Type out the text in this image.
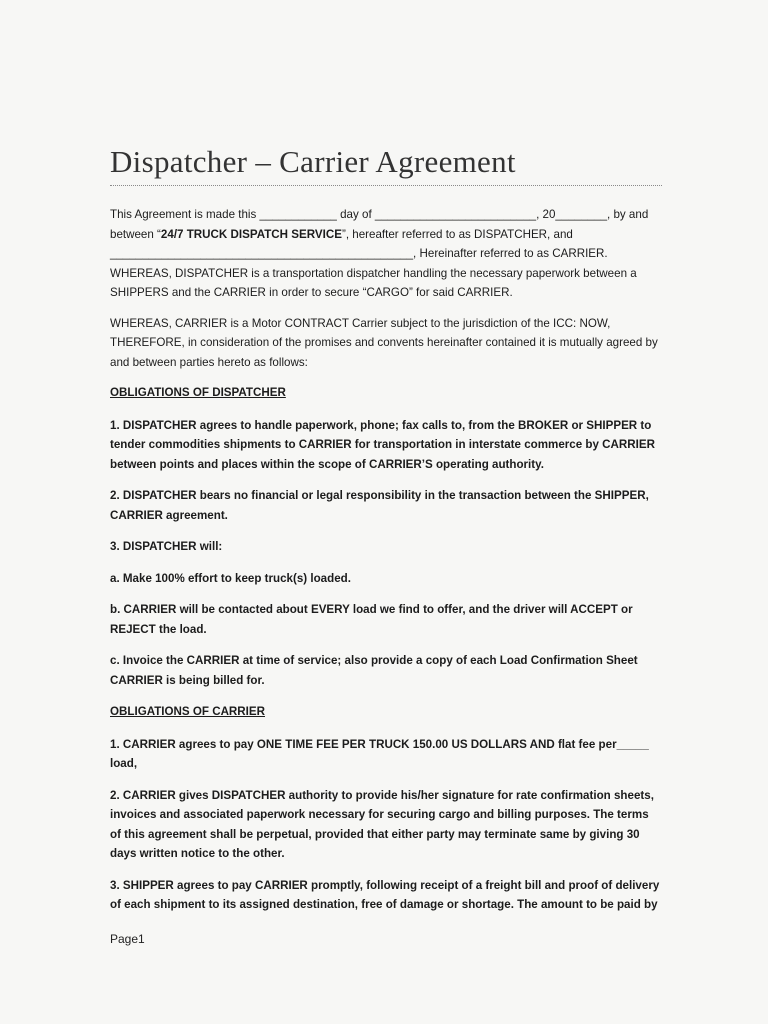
Dispatcher – Carrier Agreement

This Agreement is made this ____________ day of _________________________, 20________, by and
between “24/7 TRUCK DISPATCH SERVICE”, hereafter referred to as DISPATCHER, and
_______________________________________________, Hereinafter referred to as CARRIER.

WHEREAS, DISPATCHER is a transportation dispatcher handling the necessary paperwork between a SHIPPERS and the CARRIER in order to secure “CARGO” for said CARRIER.

WHEREAS, CARRIER is a Motor CONTRACT Carrier subject to the jurisdiction of the ICC: NOW, THEREFORE, in consideration of the promises and convents hereinafter contained it is mutually agreed by and between parties hereto as follows:

OBLIGATIONS OF DISPATCHER

1. DISPATCHER agrees to handle paperwork, phone; fax calls to, from the BROKER or SHIPPER to tender commodities shipments to CARRIER for transportation in interstate commerce by CARRIER between points and places within the scope of CARRIER’S operating authority.

2. DISPATCHER bears no financial or legal responsibility in the transaction between the SHIPPER, CARRIER agreement.

3. DISPATCHER will:

a. Make 100% effort to keep truck(s) loaded.

b. CARRIER will be contacted about EVERY load we find to offer, and the driver will ACCEPT or REJECT the load.

c. Invoice the CARRIER at time of service; also provide a copy of each Load Confirmation Sheet CARRIER is being billed for.

OBLIGATIONS OF CARRIER

1. CARRIER agrees to pay ONE TIME FEE PER TRUCK 150.00 US DOLLARS AND flat fee per_____ load,

2. CARRIER gives DISPATCHER authority to provide his/her signature for rate confirmation sheets, invoices and associated paperwork necessary for securing cargo and billing purposes. The terms of this agreement shall be perpetual, provided that either party may terminate same by giving 30 days written notice to the other.

3. SHIPPER agrees to pay CARRIER promptly, following receipt of a freight bill and proof of delivery of each shipment to its assigned destination, free of damage or shortage. The amount to be paid by

Page1
